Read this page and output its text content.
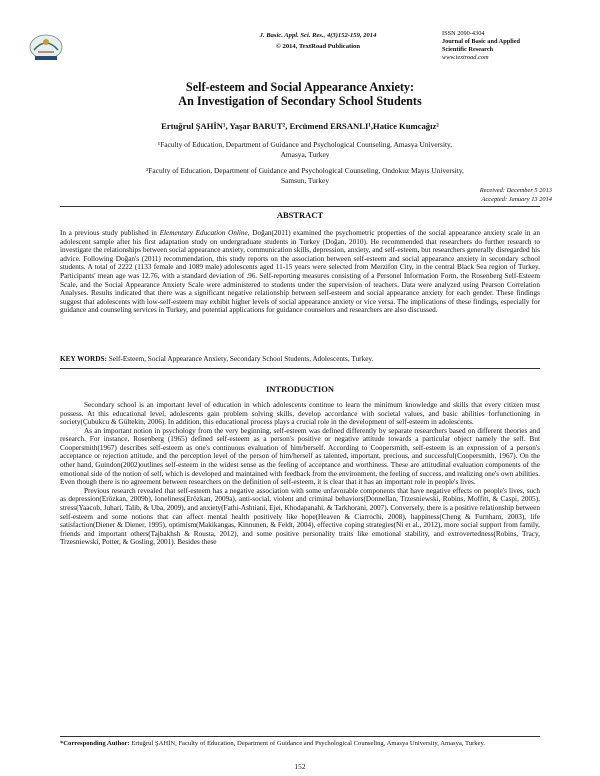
J. Basic. Appl. Sci. Res., 4(3)152-159, 2014
© 2014, TextRoad Publication
ISSN 2090-4304
Journal of Basic and Applied
Scientific Research
www.textroad.com
Self-esteem and Social Appearance Anxiety:
An Investigation of Secondary School Students
Ertuğrul ŞAHİN¹, Yaşar BARUT², Ercümend ERSANLI¹,Hatice Kumcağız²
¹Faculty of Education, Department of Guidance and Psychological Counseling, Amasya University,
Amasya, Turkey
²Faculty of Education, Department of Guidance and Psychological Counseling, Ondokuz Mayıs University,
Samsun, Turkey
Received: December 5 2013
Accepted: January 13 2014
ABSTRACT
In a previous study published in Elementary Education Online, Doğan(2011) examined the psychometric properties of the social appearance anxiety scale in an adolescent sample after his first adaptation study on undergraduate students in Turkey (Doğan, 2010). He recommended that researchers do further research to investigate the relationships between social appearance anxiety, communication skills, depression, anxiety, and self-esteem, but researchers generally disregarded his advice. Following Doğan's (2011) recommendation, this study reports on the association between self-esteem and social appearance anxiety in secondary school students. A total of 2222 (1133 female and 1089 male) adolescents aged 11-15 years were selected from Merzifon City, in the central Black Sea region of Turkey. Participants' mean age was 12.76, with a standard deviation of .96. Self-reporting measures consisting of a Personel Information Form, the Rosenberg Self-Esteem Scale, and the Social Appearance Anxiety Scale were administered to students under the supervision of teachers. Data were analyzed using Pearson Correlation Analyses. Results indicated that there was a significant negative relationship between self-esteem and social appearance anxiety for each gender. These findings suggest that adolescents with low-self-esteem may exhibit higher levels of social appearance anxiety or vice versa. The implications of these findings, especially for guidance and counseling services in Turkey, and potential applications for guidance counselors and researchers are also discussed.
KEY WORDS: Self-Esteem, Social Appearance Anxiety, Secondary School Students, Adolescents, Turkey.
INTRODUCTION

Secondary school is an important level of education in which adolescents continue to learn the minimum knowledge and skills that every citizen must possess. At this educational level, adolescents gain problem solving skills, develop accordance with societal values, and basic abilities forfunctioning in society(Çubukcu & Gültekin, 2006). In addition, this educational process plays a crucial role in the development of self-esteem in adolescents.

As an important notion in psychology from the very beginning, self-esteem was defined differently by separate researchers based on different theories and research. For instance, Rosenberg (1965) defined self-esteem as a person's positive or negative attitude towards a particular object namely the self. But Coopersmith(1967) describes self-esteem as one's continuous evaluation of him/herself. According to Coopersmith, self-esteem is an expression of a person's acceptance or rejection attitude, and the perception level of the person of him/herself as talented, important, precious, and successful(Coopersmith, 1967). On the other hand, Guindon(2002)outlines self-esteem in the widest sense as the feeling of acceptance and worthiness. These are attitudinal evaluation components of the emotional side of the notion of self, which is developed and maintained with feedback from the environment, the feeling of success, and realizing one's own abilities. Even though there is no agreement between researchers on the definition of self-esteem, it is clear that it has an important role in people's lives.

Previous research revealed that self-esteem has a negative association with some unfavorable components that have negative effects on people's lives, such as depression(Erözkan, 2009b), loneliness(Erözkan, 2009a), anti-social, violent and criminal behaviors(Donnellan, Trzesniewski, Robins, Moffitt, & Caspi, 2005), stress(Yaacob, Juhari, Talib, & Uba, 2009), and anxiety(Fathi-Ashtiani, Ejei, Khodapanahi, & Tarkhorani, 2007). Conversely, there is a positive relationship between self-esteem and some notions that can affect mental health positively like hope(Heaven & Ciarrochi, 2008), happiness(Cheng & Furnham, 2003), life satisfaction(Diener & Diener, 1995), optimism(Makikangas, Kinnunen, & Feldt, 2004), effective coping strategies(Ni et al., 2012), more social support from family, friends and important others(Tajbakhsh & Rousta, 2012), and some positive personality traits like emotional stability, and extrovertedness(Robins, Tracy, Trzesniewski, Potter, & Gosling, 2001). Besides these

*Corresponding Author: Ertuğrul ŞAHİN, Faculty of Education, Department of Guidance and Psychological Counseling, Amasya University, Amasya, Turkey.
152
